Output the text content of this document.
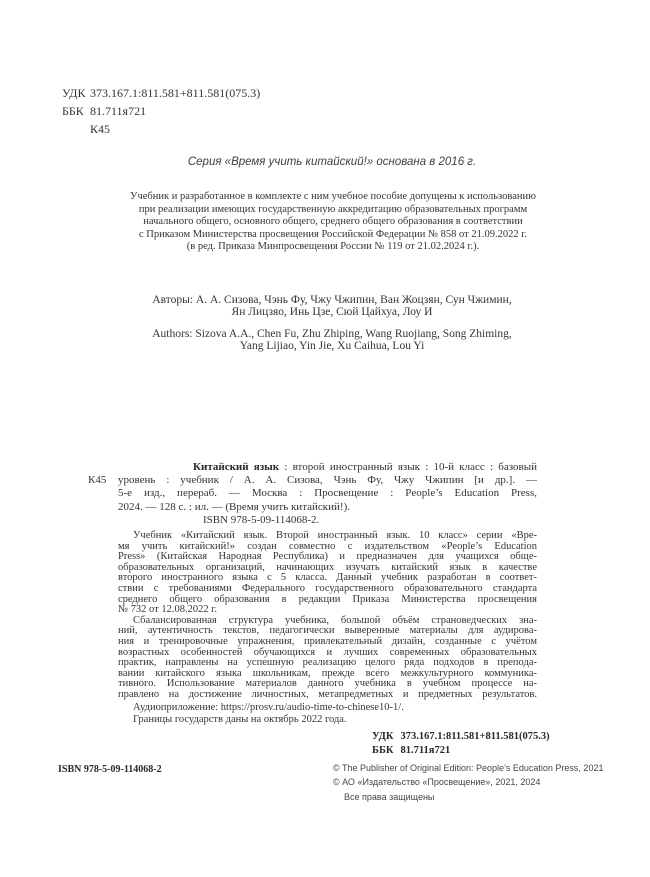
УДК 373.167.1:811.581+811.581(075.3)
ББК 81.711я721
К45
Серия «Время учить китайский!» основана в 2016 г.
Учебник и разработанное в комплекте с ним учебное пособие допущены к использованию
при реализации имеющих государственную аккредитацию образовательных программ
начального общего, основного общего, среднего общего образования в соответствии
с Приказом Министерства просвещения Российской Федерации № 858 от 21.09.2022 г.
(в ред. Приказа Минпросвещения России № 119 от 21.02.2024 г.).
Авторы: А. А. Сизова, Чэнь Фу, Чжу Чжипин, Ван Жоцзян, Сун Чжимин,
Ян Лицзяо, Инь Цзе, Сюй Цайхуа, Лоу И
Authors: Sizova A.A., Chen Fu, Zhu Zhiping, Wang Ruojiang, Song Zhiming,
Yang Lijiao, Yin Jie, Xu Caihua, Lou Yi
К45
Китайский язык : второй иностранный язык : 10-й класс : базовый
уровень : учебник / А. А. Сизова, Чэнь Фу, Чжу Чжипин [и др.]. —
5-е изд., перераб. — Москва : Просвещение : People’s Education Press,
2024. — 128 с. : ил. — (Время учить китайский!).
ISBN 978-5-09-114068-2.
Учебник «Китайский язык. Второй иностранный язык. 10 класс» серии «Вре-
мя учить китайский!» создан совместно с издательством «People’s Education
Press» (Китайская Народная Республика) и предназначен для учащихся обще-
образовательных организаций, начинающих изучать китайский язык в качестве
второго иностранного языка с 5 класса. Данный учебник разработан в соответ-
ствии с требованиями Федерального государственного образовательного стандарта
среднего общего образования в редакции Приказа Министерства просвещения
№ 732 от 12.08.2022 г.
Сбалансированная структура учебника, большой объём страноведческих зна-
ний, аутентичность текстов, педагогически выверенные материалы для аудирова-
ния и тренировочные упражнения, привлекательный дизайн, созданные с учётом
возрастных особенностей обучающихся и лучших современных образовательных
практик, направлены на успешную реализацию целого ряда подходов в препода-
вании китайского языка школьникам, прежде всего межкультурного коммуника-
тивного. Использование материалов данного учебника в учебном процессе на-
правлено на достижение личностных, метапредметных и предметных результатов.
Аудиоприложение: https://prosv.ru/audio-time-to-chinese10-1/.
Границы государств даны на октябрь 2022 года.
УДК 373.167.1:811.581+811.581(075.3)
ББК 81.711я721
ISBN 978-5-09-114068-2	© The Publisher of Original Edition: People’s Education Press, 2021
© АО «Издательство «Просвещение», 2021, 2024
Все права защищены
